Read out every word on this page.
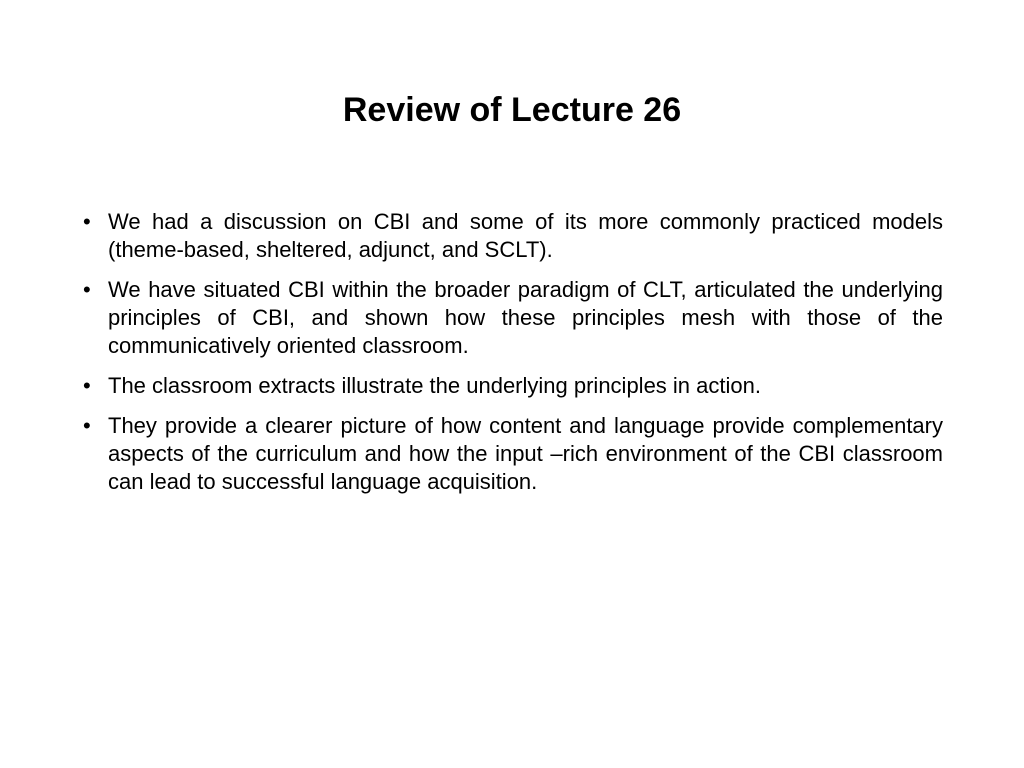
Review of Lecture 26
• We had a discussion on CBI and some of its more commonly practiced models (theme-based, sheltered, adjunct, and SCLT).
• We have situated CBI within the broader paradigm of CLT, articulated the underlying principles of CBI, and shown how these principles mesh with those of the communicatively oriented classroom.
• The classroom extracts illustrate the underlying principles in action.
• They provide a clearer picture of how content and language provide complementary aspects of the curriculum and how the input –rich environment of the CBI classroom can lead to successful language acquisition.
